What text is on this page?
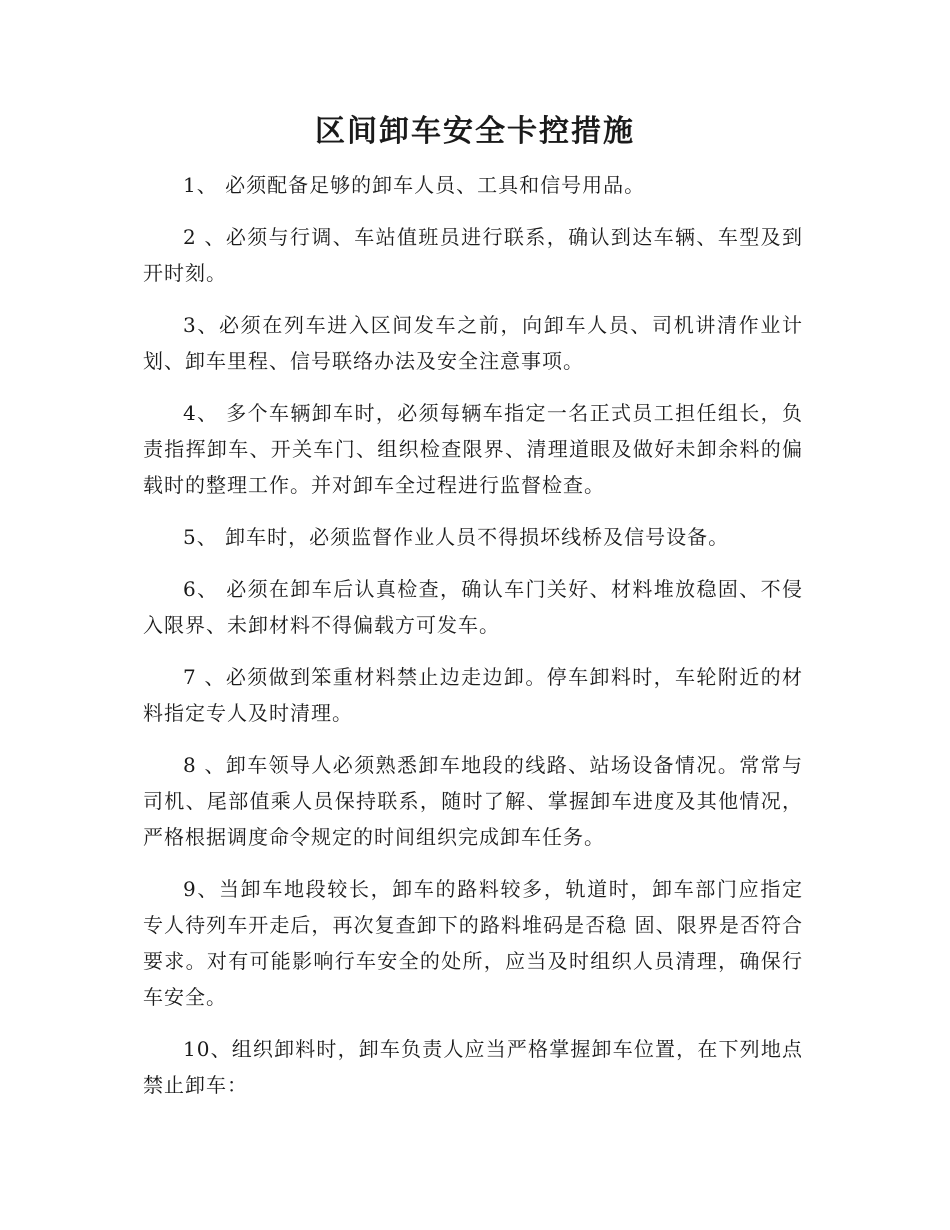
区间卸车安全卡控措施

1、 必须配备足够的卸车人员、工具和信号用品。

2 、必须与行调、车站值班员进行联系，确认到达车辆、车型及到开时刻。

3、必须在列车进入区间发车之前，向卸车人员、司机讲清作业计划、卸车里程、信号联络办法及安全注意事项。

4、 多个车辆卸车时，必须每辆车指定一名正式员工担任组长，负责指挥卸车、开关车门、组织检查限界、清理道眼及做好未卸余料的偏载时的整理工作。并对卸车全过程进行监督检查。

5、 卸车时，必须监督作业人员不得损坏线桥及信号设备。

6、 必须在卸车后认真检查，确认车门关好、材料堆放稳固、不侵入限界、未卸材料不得偏载方可发车。

7 、必须做到笨重材料禁止边走边卸。停车卸料时，车轮附近的材料指定专人及时清理。

8 、卸车领导人必须熟悉卸车地段的线路、站场设备情况。常常与司机、尾部值乘人员保持联系，随时了解、掌握卸车进度及其他情况，严格根据调度命令规定的时间组织完成卸车任务。

9、当卸车地段较长，卸车的路料较多，轨道时，卸车部门应指定专人待列车开走后，再次复查卸下的路料堆码是否稳 固、限界是否符合要求。对有可能影响行车安全的处所，应当及时组织人员清理，确保行车安全。

10、组织卸料时，卸车负责人应当严格掌握卸车位置，在下列地点禁止卸车：
